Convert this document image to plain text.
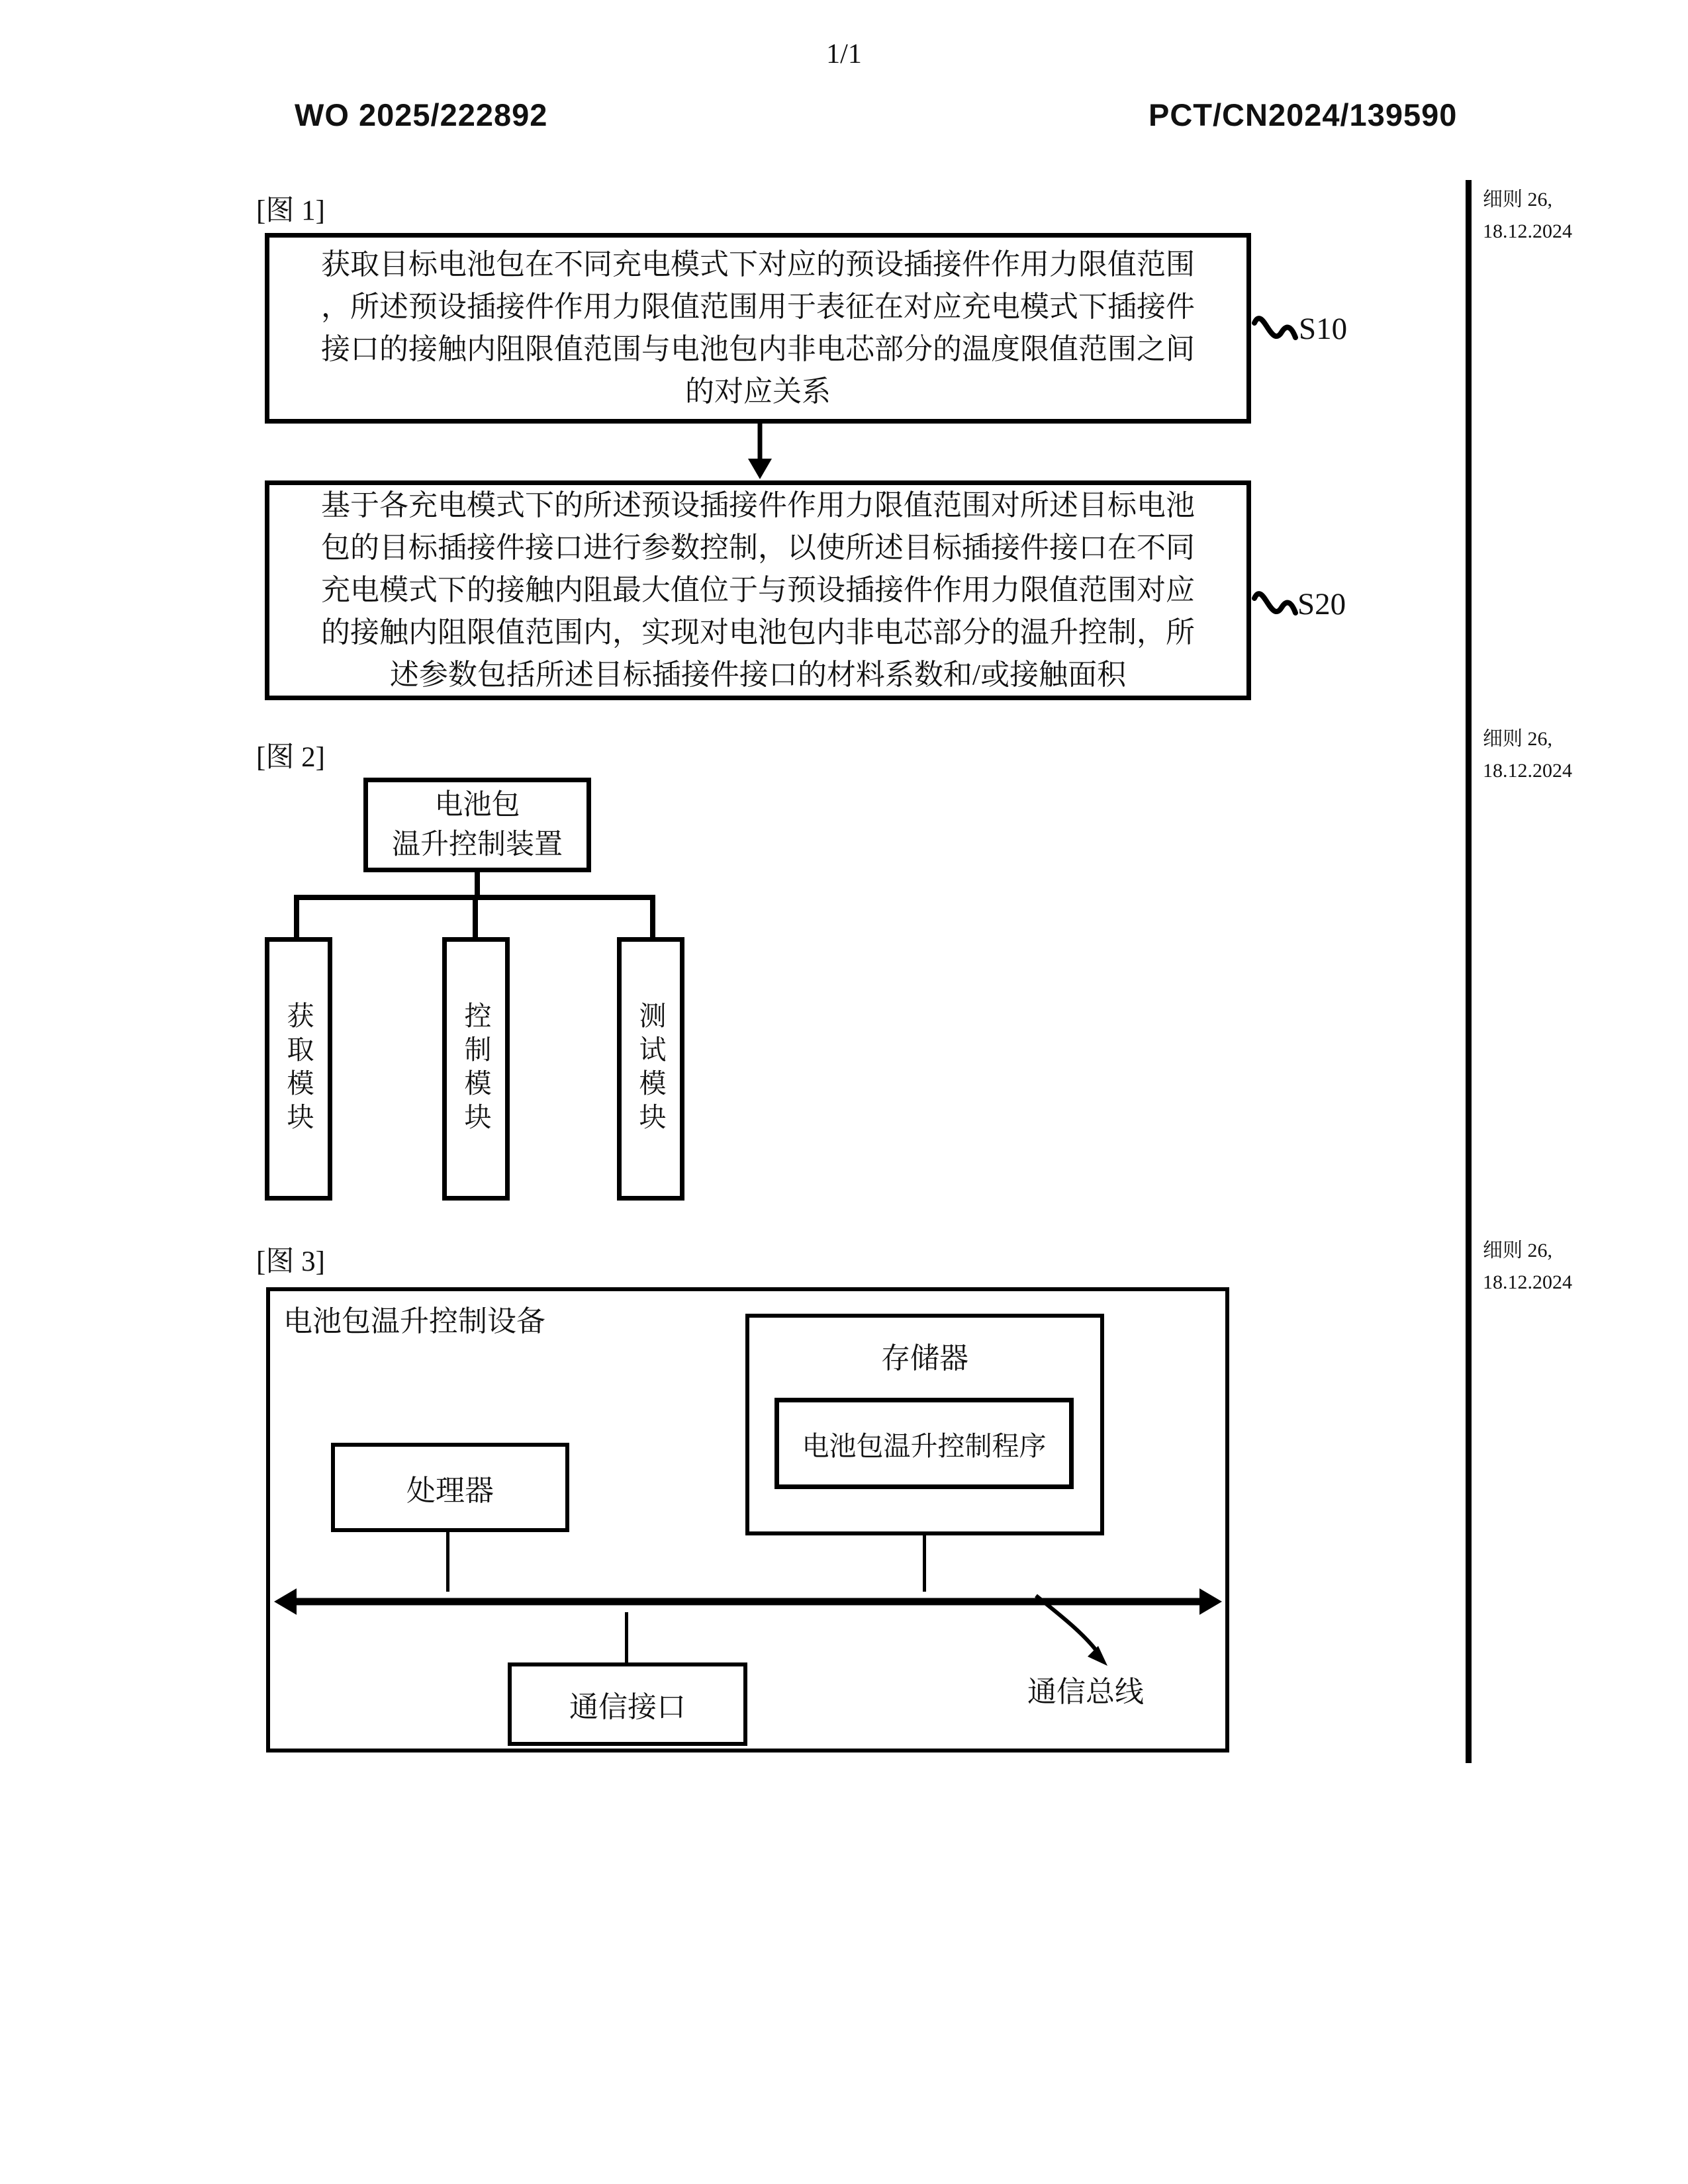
1/1
WO 2025/222892	PCT/CN2024/139590
细则 26,
18.12.2024
细则 26,
18.12.2024
细则 26,
18.12.2024
[图 1]
获取目标电池包在不同充电模式下对应的预设插接件作用力限值范围
，所述预设插接件作用力限值范围用于表征在对应充电模式下插接件
接口的接触内阻限值范围与电池包内非电芯部分的温度限值范围之间
的对应关系
S10
基于各充电模式下的所述预设插接件作用力限值范围对所述目标电池
包的目标插接件接口进行参数控制，以使所述目标插接件接口在不同
充电模式下的接触内阻最大值位于与预设插接件作用力限值范围对应
的接触内阻限值范围内，实现对电池包内非电芯部分的温升控制，所
述参数包括所述目标插接件接口的材料系数和/或接触面积
S20
[图 2]
电池包
温升控制装置
获取模块	控制模块	测试模块
[图 3]
电池包温升控制设备
存储器
电池包温升控制程序
处理器
通信接口	通信总线
